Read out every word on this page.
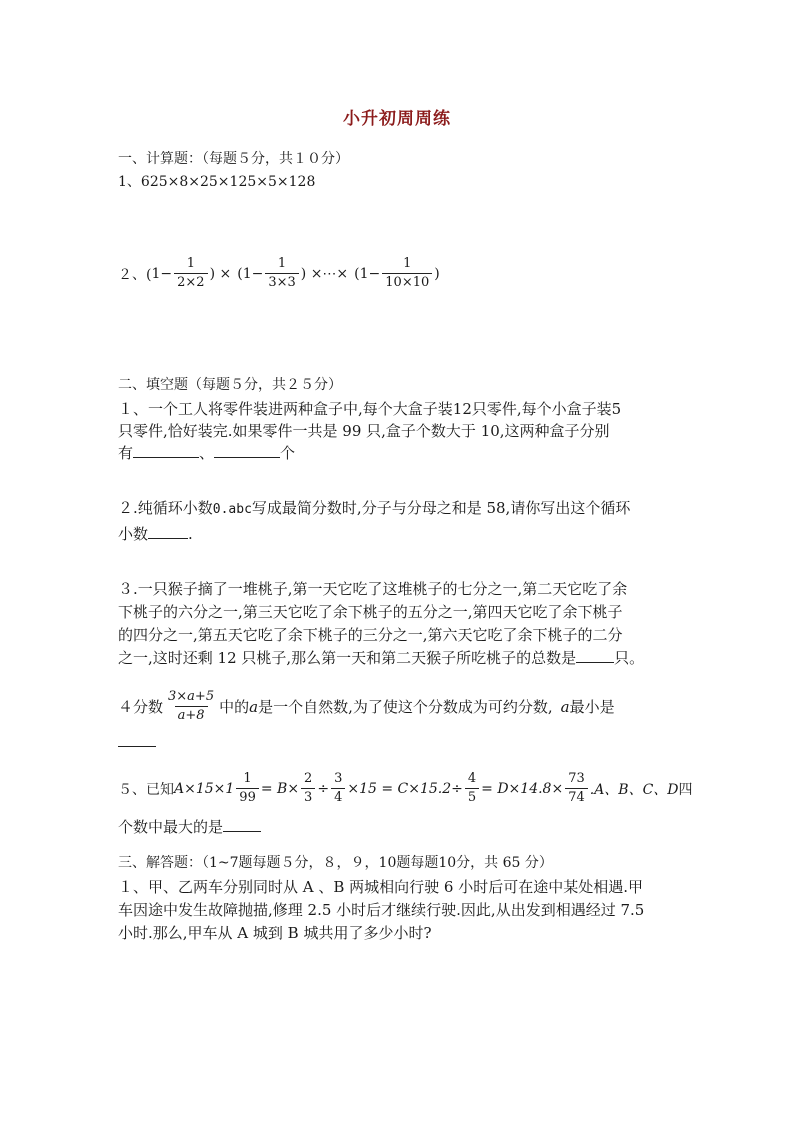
小升初周周练
一、计算题：（每题５分，共１０分）
1、625×8×25×125×5×128
２、( $1 - \frac{1}{2\times 2}$ ) × ( $1 - \frac{1}{3\times 3}$ ) ×⋯× ( $1 - \frac{1}{10\times 10}$ )
二、填空题（每题５分，共２５分）
１、一个工人将零件装进两种盒子中,每个大盒子装12只零件,每个小盒子装5
只零件,恰好装完.如果零件一共是 99 只,盒子个数大于 10,这两种盒子分别
有	、	个
２.纯循环小数0.abc写成最简分数时,分子与分母之和是 58,请你写出这个循环
小数	.
３.一只猴子摘了一堆桃子,第一天它吃了这堆桃子的七分之一,第二天它吃了余
下桃子的六分之一,第三天它吃了余下桃子的五分之一,第四天它吃了余下桃子
的四分之一,第五天它吃了余下桃子的三分之一,第六天它吃了余下桃子的二分
之一,这时还剩 12 只桃子,那么第一天和第二天猴子所吃桃子的总数是	只。
４分数 $\frac{3\times a+5}{a+8}$ 中的 a 是一个自然数,为了使这个分数成为可约分数, a 最小是
５、已知 $A\times 15\times 1 \frac{1}{99} = B\times \frac{2}{3} \div \frac{3}{4} \times 15 = C\times 15.2\div \frac{4}{5} = D\times 14.8\times \frac{73}{74} .A$、B、C、D 四
个数中最大的是
三、解答题：（1~7题每题５分，８，９，10题每题10分，共 65 分）
１、甲、乙两车分别同时从 A 、B 两城相向行驶 6 小时后可在途中某处相遇.甲
车因途中发生故障抛描,修理 2.5 小时后才继续行驶.因此,从出发到相遇经过 7.5
小时.那么,甲车从 A 城到 B 城共用了多少小时?
